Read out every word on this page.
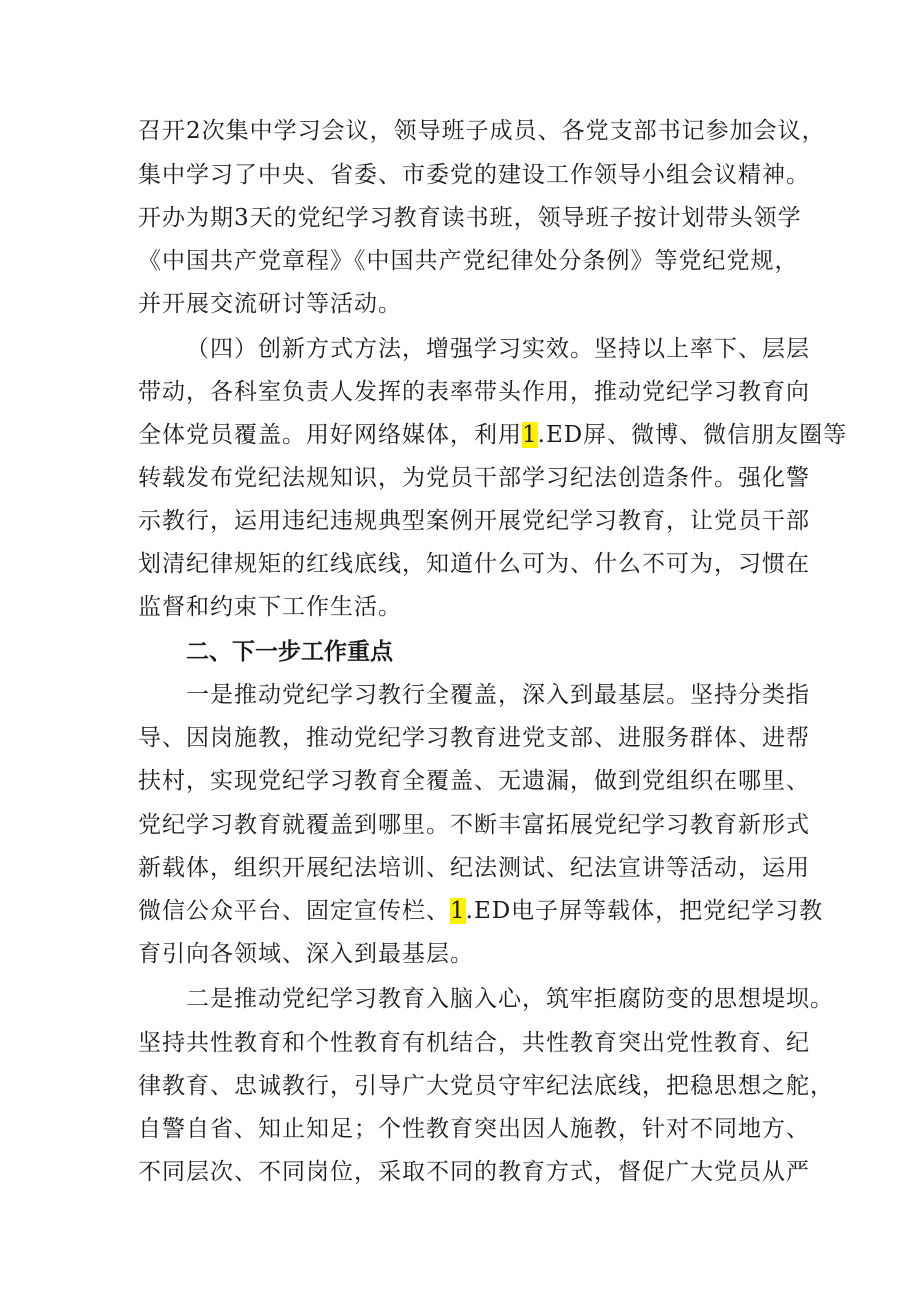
召开2次集中学习会议，领导班子成员、各党支部书记参加会议，
集中学习了中央、省委、市委党的建设工作领导小组会议精神。
开办为期3天的党纪学习教育读书班，领导班子按计划带头领学
《中国共产党章程》《中国共产党纪律处分条例》等党纪党规，
并开展交流研讨等活动。
（四）创新方式方法，增强学习实效。坚持以上率下、层层
带动，各科室负责人发挥的表率带头作用，推动党纪学习教育向
全体党员覆盖。用好网络媒体，利用1.ED屏、微博、微信朋友圈等
转载发布党纪法规知识，为党员干部学习纪法创造条件。强化警
示教行，运用违纪违规典型案例开展党纪学习教育，让党员干部
划清纪律规矩的红线底线，知道什么可为、什么不可为，习惯在
监督和约束下工作生活。
二、下一步工作重点
一是推动党纪学习教行全覆盖，深入到最基层。坚持分类指
导、因岗施教，推动党纪学习教育进党支部、进服务群体、进帮
扶村，实现党纪学习教育全覆盖、无遗漏，做到党组织在哪里、
党纪学习教育就覆盖到哪里。不断丰富拓展党纪学习教育新形式
新载体，组织开展纪法培训、纪法测试、纪法宣讲等活动，运用
微信公众平台、固定宣传栏、1.ED电子屏等载体，把党纪学习教
育引向各领域、深入到最基层。
二是推动党纪学习教育入脑入心，筑牢拒腐防变的思想堤坝。
坚持共性教育和个性教育有机结合，共性教育突出党性教育、纪
律教育、忠诚教行，引导广大党员守牢纪法底线，把稳思想之舵，
自警自省、知止知足；个性教育突出因人施教，针对不同地方、
不同层次、不同岗位，采取不同的教育方式，督促广大党员从严
